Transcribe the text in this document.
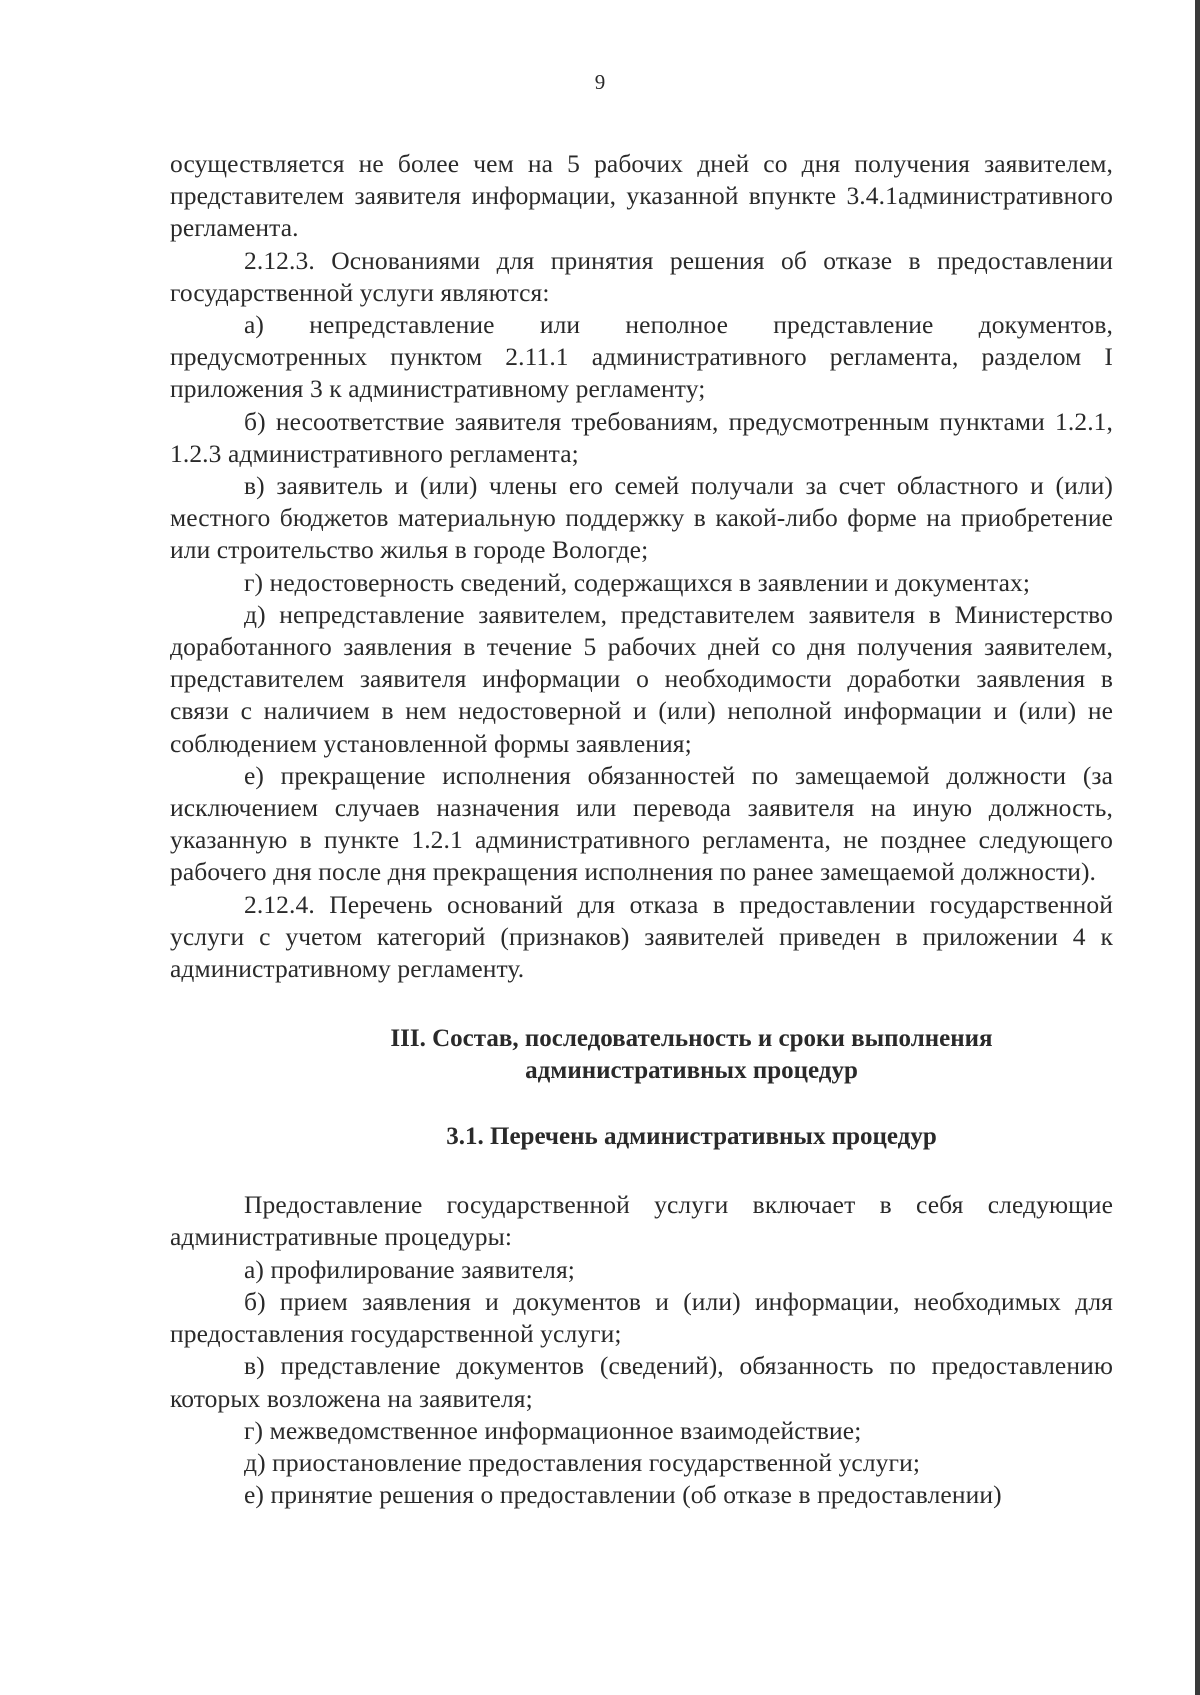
9

осуществляется не более чем на 5 рабочих дней со дня получения заявителем, представителем заявителя информации, указанной впункте 3.4.1административного регламента.

2.12.3. Основаниями для принятия решения об отказе в предоставлении государственной услуги являются:

а) непредставление или неполное представление документов, предусмотренных пунктом 2.11.1 административного регламента, разделом I приложения 3 к административному регламенту;

б) несоответствие заявителя требованиям, предусмотренным пунктами 1.2.1, 1.2.3 административного регламента;

в) заявитель и (или) члены его семей получали за счет областного и (или) местного бюджетов материальную поддержку в какой-либо форме на приобретение или строительство жилья в городе Вологде;

г) недостоверность сведений, содержащихся в заявлении и документах;

д) непредставление заявителем, представителем заявителя в Министерство доработанного заявления в течение 5 рабочих дней со дня получения заявителем, представителем заявителя информации о необходимости доработки заявления в связи с наличием в нем недостоверной и (или) неполной информации и (или) не соблюдением установленной формы заявления;

е) прекращение исполнения обязанностей по замещаемой должности (за исключением случаев назначения или перевода заявителя на иную должность, указанную в пункте 1.2.1 административного регламента, не позднее следующего рабочего дня после дня прекращения исполнения по ранее замещаемой должности).

2.12.4. Перечень оснований для отказа в предоставлении государственной услуги с учетом категорий (признаков) заявителей приведен в приложении 4 к административному регламенту.

III. Состав, последовательность и сроки выполнения
административных процедур
3.1. Перечень административных процедур

Предоставление государственной услуги включает в себя следующие административные процедуры:

а) профилирование заявителя;

б) прием заявления и документов и (или) информации, необходимых для предоставления государственной услуги;

в) представление документов (сведений), обязанность по предоставлению которых возложена на заявителя;

г) межведомственное информационное взаимодействие;

д) приостановление предоставления государственной услуги;

е) принятие решения о предоставлении (об отказе в предоставлении)
